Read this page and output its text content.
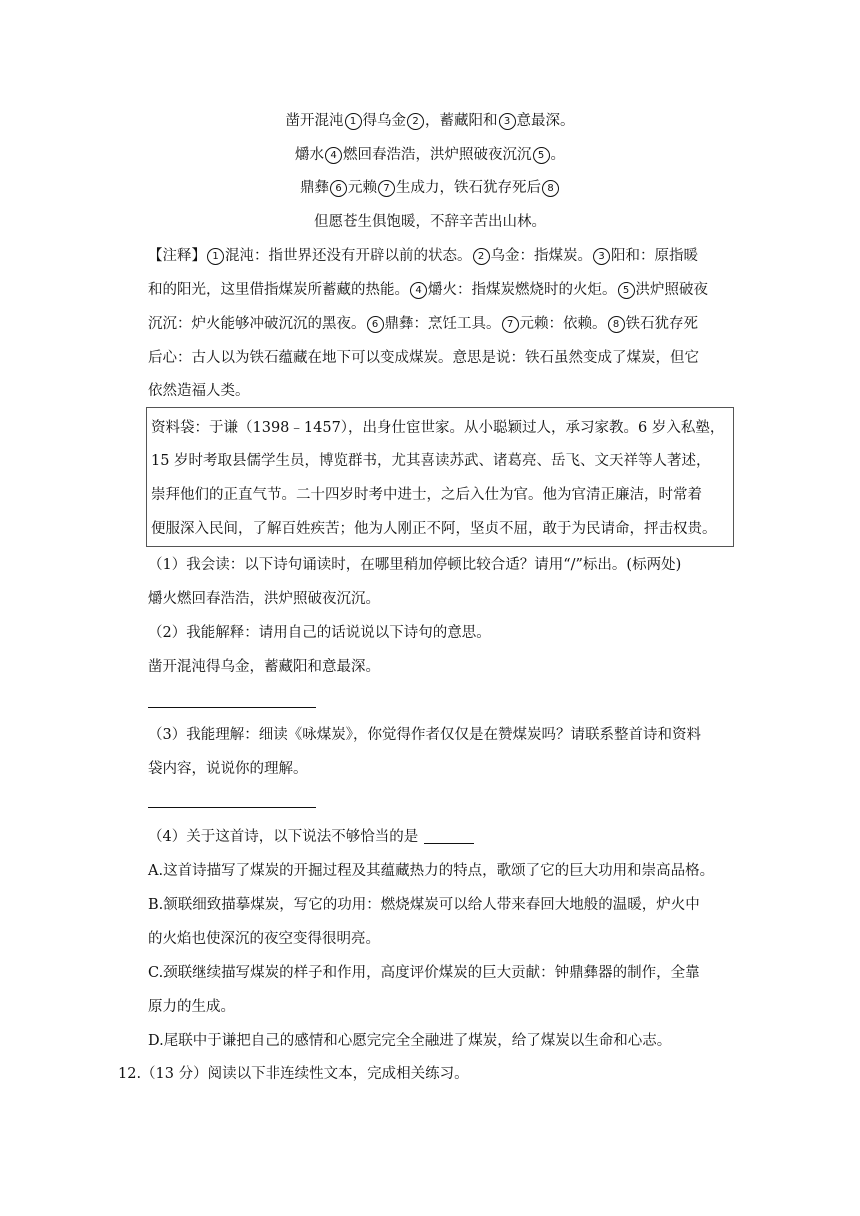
凿开混沌 1 得乌金 2 ，蓄藏阳和 3 意最深。
爝水 4 燃回春浩浩，洪炉照破夜沉沉 5 。
鼎彝 6 元赖 7 生成力，铁石犹存死后 8
但愿苍生俱饱暖，不辞辛苦出山林。
【注释】 1 混沌：指世界还没有开辟以前的状态。 2 乌金：指煤炭。 3 阳和：原指暖
和的阳光，这里借指煤炭所蓄藏的热能。 4 爝火：指煤炭燃烧时的火炬。 5 洪炉照破夜
沉沉：炉火能够冲破沉沉的黑夜。 6 鼎彝：烹饪工具。 7 元赖：依赖。 8 铁石犹存死
后心：古人以为铁石蕴藏在地下可以变成煤炭。意思是说：铁石虽然变成了煤炭，但它
依然造福人类。
资料袋：于谦（1398﹣1457），出身仕宦世家。从小聪颖过人，承习家教。6 岁入私塾，
15 岁时考取县儒学生员，博览群书，尤其喜读苏武、诸葛亮、岳飞、文天祥等人著述，
崇拜他们的正直气节。二十四岁时考中进士，之后入仕为官。他为官清正廉洁，时常着
便服深入民间，了解百姓疾苦；他为人刚正不阿，坚贞不屈，敢于为民请命，抨击权贵。
（1）我会读：以下诗句诵读时，在哪里稍加停顿比较合适？请用“/”标出。(标两处)
爝火燃回春浩浩，洪炉照破夜沉沉。
（2）我能解释：请用自己的话说说以下诗句的意思。
凿开混沌得乌金，蓄藏阳和意最深。
（3）我能理解：细读《咏煤炭》，你觉得作者仅仅是在赞煤炭吗？请联系整首诗和资料
袋内容，说说你的理解。
（4）关于这首诗，以下说法不够恰当的是
A.这首诗描写了煤炭的开掘过程及其蕴藏热力的特点，歌颂了它的巨大功用和崇高品格。
B.颔联细致描摹煤炭，写它的功用：燃烧煤炭可以给人带来春回大地般的温暖，炉火中
的火焰也使深沉的夜空变得很明亮。
C.颈联继续描写煤炭的样子和作用，高度评价煤炭的巨大贡献：钟鼎彝器的制作，全靠
原力的生成。
D.尾联中于谦把自己的感情和心愿完完全全融进了煤炭，给了煤炭以生命和心志。
12.（13 分）阅读以下非连续性文本，完成相关练习。
